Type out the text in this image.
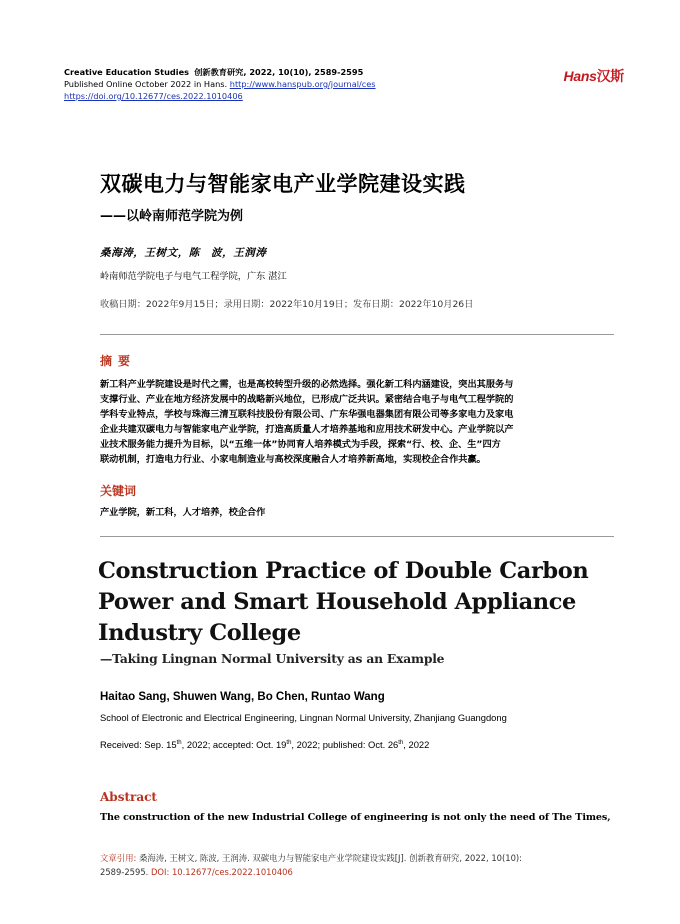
Creative Education Studies 创新教育研究, 2022, 10(10), 2589-2595
Published Online October 2022 in Hans. http://www.hanspub.org/journal/ces
https://doi.org/10.12677/ces.2022.1010406
Hans汉斯
双碳电力与智能家电产业学院建设实践
——以岭南师范学院为例
桑海涛，王树文，陈　波，王润涛
岭南师范学院电子与电气工程学院，广东 湛江
收稿日期：2022年9月15日；录用日期：2022年10月19日；发布日期：2022年10月26日
摘要
新工科产业学院建设是时代之需，也是高校转型升级的必然选择。强化新工科内涵建设，突出其服务与
支撑行业、产业在地方经济发展中的战略新兴地位，已形成广泛共识。紧密结合电子与电气工程学院的
学科专业特点，学校与珠海三清互联科技股份有限公司、广东华强电器集团有限公司等多家电力及家电
企业共建双碳电力与智能家电产业学院，打造高质量人才培养基地和应用技术研发中心。产业学院以产
业技术服务能力提升为目标，以“五维一体”协同育人培养模式为手段，探索“行、校、企、生”四方
联动机制，打造电力行业、小家电制造业与高校深度融合人才培养新高地，实现校企合作共赢。
关键词
产业学院，新工科，人才培养，校企合作
Construction Practice of Double Carbon
Power and Smart Household Appliance
Industry College
—Taking Lingnan Normal University as an Example
Haitao Sang, Shuwen Wang, Bo Chen, Runtao Wang
School of Electronic and Electrical Engineering, Lingnan Normal University, Zhanjiang Guangdong
Received: Sep. 15th, 2022; accepted: Oct. 19th, 2022; published: Oct. 26th, 2022
Abstract
The construction of the new Industrial College of engineering is not only the need of The Times,
文章引用: 桑海涛, 王树文, 陈波, 王润涛. 双碳电力与智能家电产业学院建设实践[J]. 创新教育研究, 2022, 10(10):
2589-2595. DOI: 10.12677/ces.2022.1010406
